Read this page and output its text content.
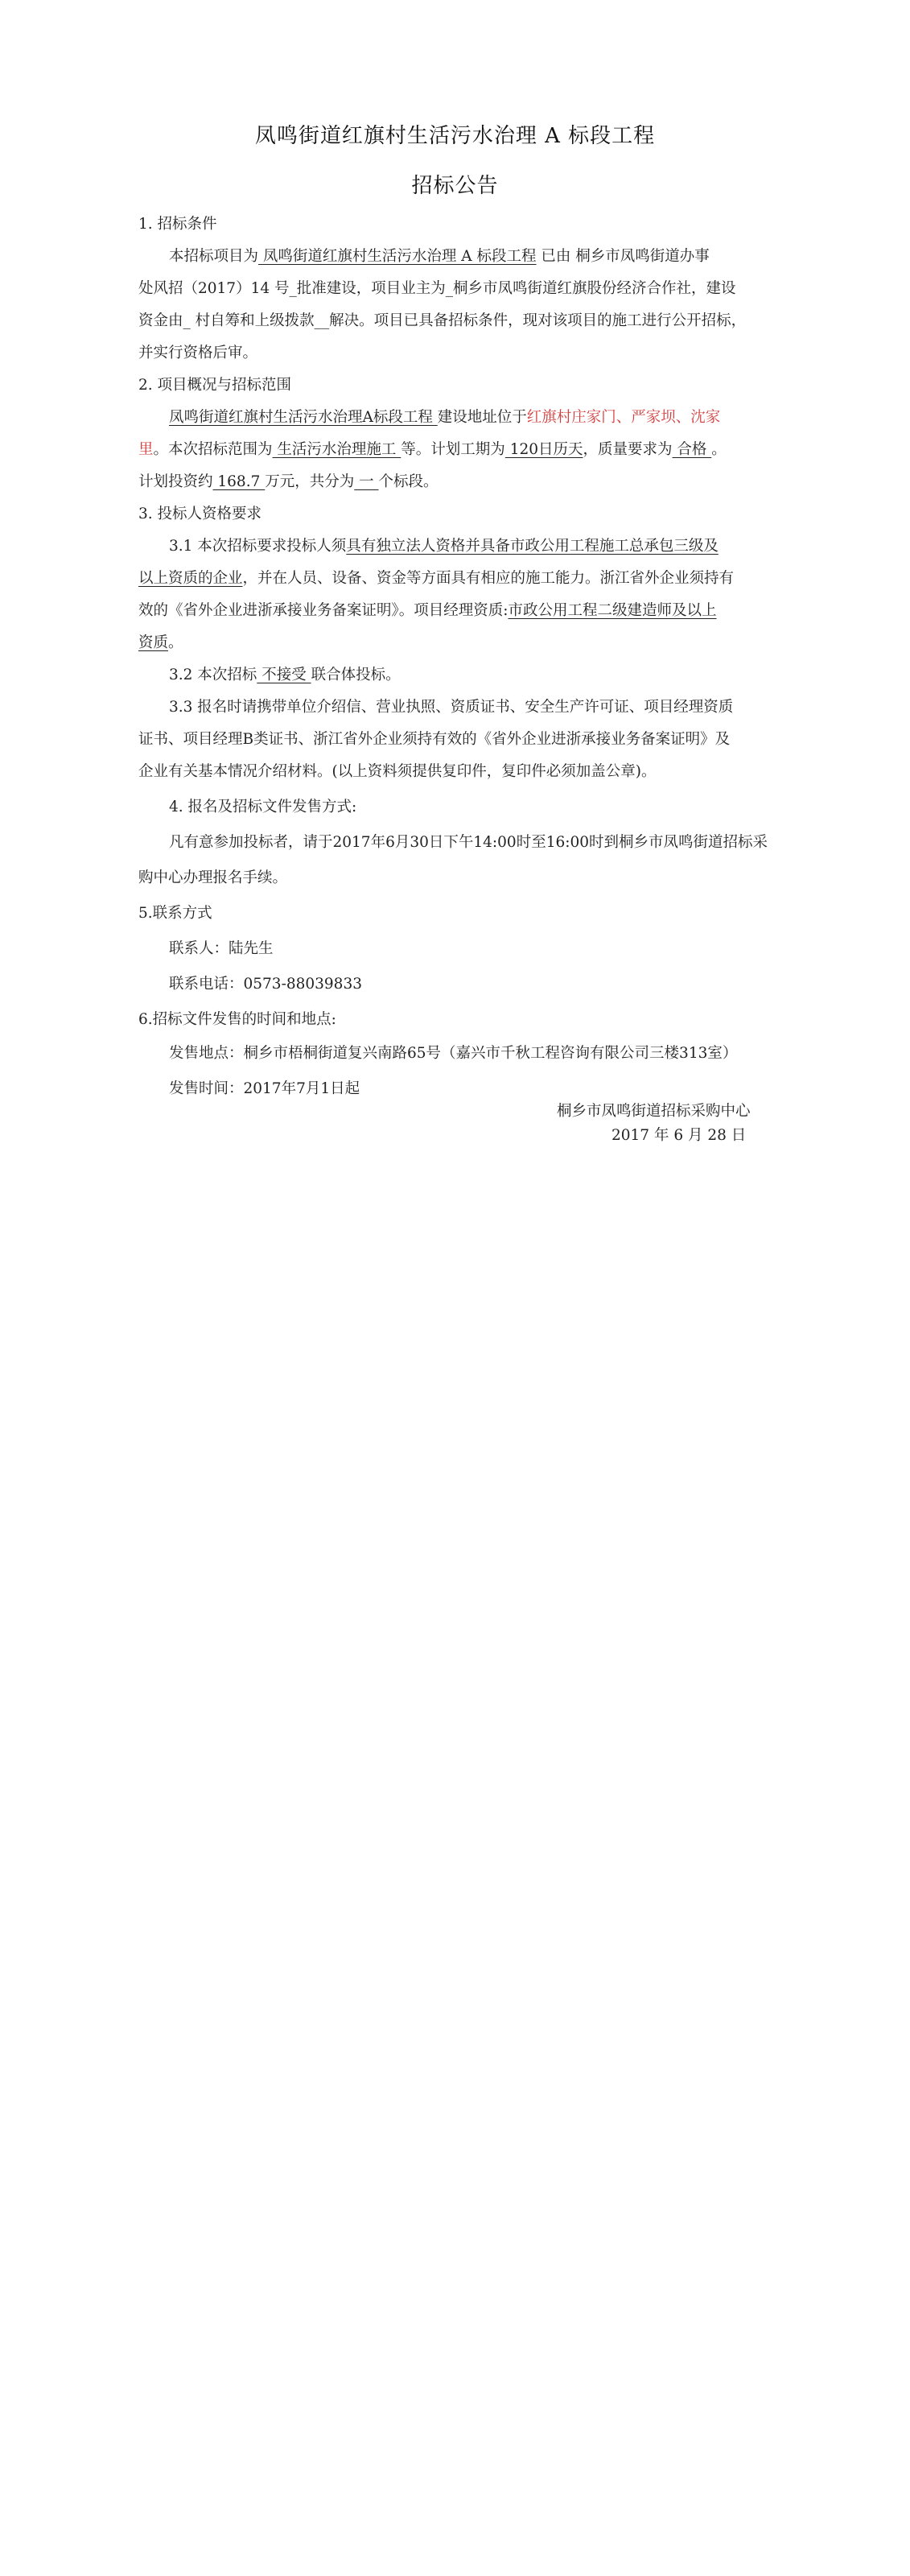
凤鸣街道红旗村生活污水治理 A 标段工程
招标公告
1. 招标条件
本招标项目为 凤鸣街道红旗村生活污水治理 A 标段工程 已由 桐乡市凤鸣街道办事
处风招（2017）14 号_批准建设，项目业主为_桐乡市凤鸣街道红旗股份经济合作社，建设
资金由_ 村自筹和上级拨款__解决。项目已具备招标条件，现对该项目的施工进行公开招标，
并实行资格后审。
2. 项目概况与招标范围
凤鸣街道红旗村生活污水治理A标段工程 建设地址位于红旗村庄家门、严家坝、沈家
里。本次招标范围为 生活污水治理施工 等。计划工期为 120日历天，质量要求为 合格 。
计划投资约 168.7 万元，共分为 一 个标段。
3. 投标人资格要求
3.1 本次招标要求投标人须具有独立法人资格并具备市政公用工程施工总承包三级及
以上资质的企业，并在人员、设备、资金等方面具有相应的施工能力。浙江省外企业须持有
效的《省外企业进浙承接业务备案证明》。项目经理资质:市政公用工程二级建造师及以上
资质。
3.2 本次招标 不接受 联合体投标。
3.3 报名时请携带单位介绍信、营业执照、资质证书、安全生产许可证、项目经理资质
证书、项目经理B类证书、浙江省外企业须持有效的《省外企业进浙承接业务备案证明》及
企业有关基本情况介绍材料。(以上资料须提供复印件，复印件必须加盖公章)。
4. 报名及招标文件发售方式:
凡有意参加投标者，请于2017年6月30日下午14:00时至16:00时到桐乡市凤鸣街道招标采
购中心办理报名手续。
5.联系方式
联系人：陆先生
联系电话：0573-88039833
6.招标文件发售的时间和地点:
发售地点：桐乡市梧桐街道复兴南路65号（嘉兴市千秋工程咨询有限公司三楼313室）
发售时间：2017年7月1日起
桐乡市凤鸣街道招标采购中心
2017 年 6 月 28 日
